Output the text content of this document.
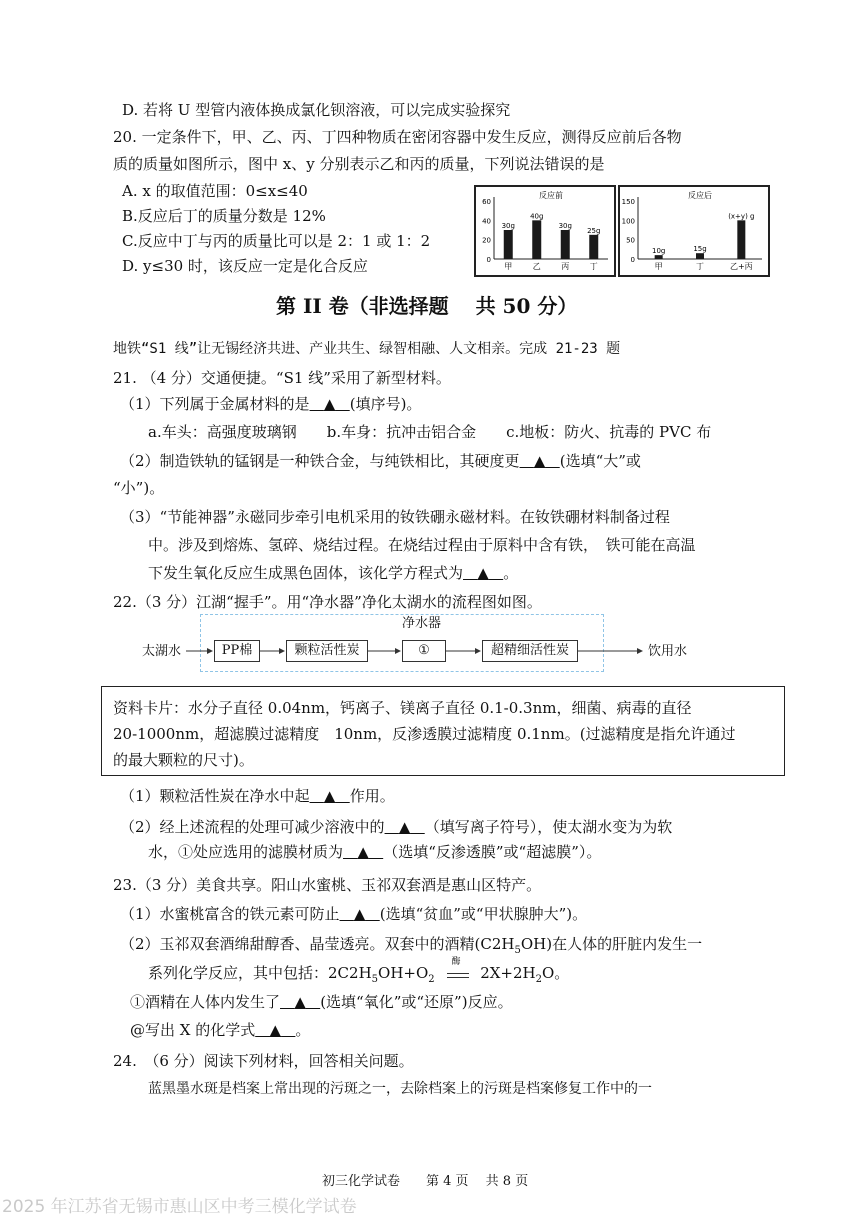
D. 若将 U 型管内液体换成氯化钡溶液，可以完成实验探究
20. 一定条件下，甲、乙、丙、丁四种物质在密闭容器中发生反应，测得反应前后各物
质的质量如图所示，图中 x、y 分别表示乙和丙的质量，下列说法错误的是
A. x 的取值范围：0≤x≤40
B.反应后丁的质量分数是 12%
C.反应中丁与丙的质量比可以是 2：1 或 1：2
D. y≤30 时，该反应一定是化合反应	0
20
40
60
反应前
30g
甲
40g
乙
30g
丙
25g
丁
0
50
100
150
反应后
10g
甲
15g
丁
(x+y) g
乙+丙
第 II 卷（非选择题　 共 50 分）
地铁“S1 线”让无锡经济共进、产业共生、绿智相融、人文相亲。完成 21-23 题
21. （4 分）交通便捷。“S1 线”采用了新型材料。
（1）下列属于金属材料的是 ▲ (填序号)。
a.车头：高强度玻璃钢　　b.车身：抗冲击铝合金　　c.地板：防火、抗毒的 PVC 布
（2）制造铁轨的锰钢是一种铁合金，与纯铁相比，其硬度更 ▲ (选填“大”或
“小”)。
（3）“节能神器”永磁同步牵引电机采用的钕铁硼永磁材料。在钕铁硼材料制备过程
中。涉及到熔炼、氢碎、烧结过程。在烧结过程由于原料中含有铁，　铁可能在高温
下发生氧化反应生成黑色固体，该化学方程式为 ▲ 。
22.（3 分）江湖“握手”。用“净水器”净化太湖水的流程图如图。
净水器
太湖水	PP棉	颗粒活性炭	①	超精细活性炭	饮用水
资料卡片：水分子直径 0.04nm，钙离子、镁离子直径 0.1-0.3nm，细菌、病毒的直径
20-1000nm，超滤膜过滤精度　10nm，反渗透膜过滤精度 0.1nm。(过滤精度是指允许通过
的最大颗粒的尺寸)。
（1）颗粒活性炭在净水中起 ▲ 作用。
（2）经上述流程的处理可减少溶液中的 ▲ （填写离子符号），使太湖水变为为软
水，①处应选用的滤膜材质为 ▲ （选填“反渗透膜”或“超滤膜”）。
23.（3 分）美食共享。阳山水蜜桃、玉祁双套酒是惠山区特产。
（1）水蜜桃富含的铁元素可防止 ▲ (选填“贫血”或“甲状腺肿大”)。
（2）玉祁双套酒绵甜醇香、晶莹透亮。双套中的酒精$(C2H_5OH)$在人体的肝脏内发生一
系列化学反应，其中包括：$2C2H_5OH+O_2$
酶
$2X+2H_2O$。
①酒精在人体内发生了 ▲ (选填“氧化”或“还原”)反应。
@写出 X 的化学式 ▲ 。
24.　（6 分）阅读下列材料，回答相关问题。
蓝黑墨水斑是档案上常出现的污斑之一，去除档案上的污斑是档案修复工作中的一
初三化学试卷　　第 4 页　 共 8 页
2025 年江苏省无锡市惠山区中考三模化学试卷
